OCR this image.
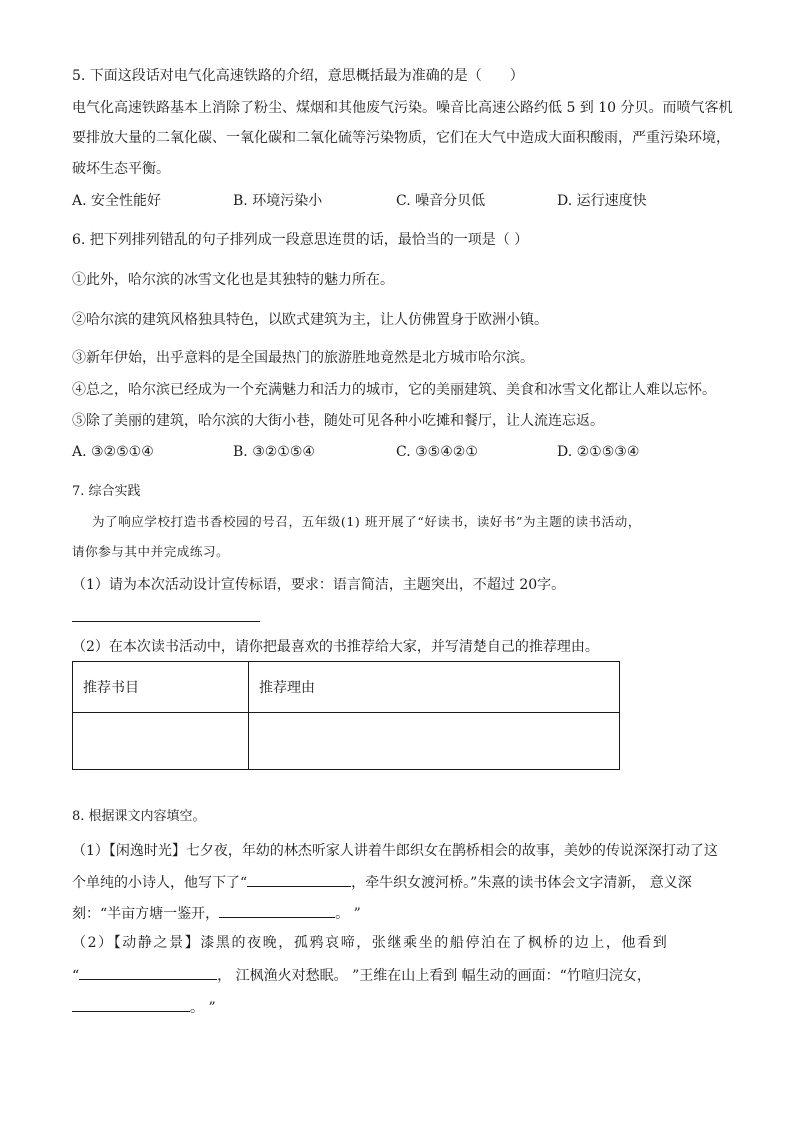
5. 下面这段话对电气化高速铁路的介绍，意思概括最为准确的是（　　）
电气化高速铁路基本上消除了粉尘、煤烟和其他废气污染。噪音比高速公路约低 5 到 10 分贝。而喷气客机
要排放大量的二氧化碳、一氧化碳和二氧化硫等污染物质，它们在大气中造成大面积酸雨，严重污染环境，
破坏生态平衡。
A. 安全性能好	B. 环境污染小	C. 噪音分贝低	D. 运行速度快
6. 把下列排列错乱的句子排列成一段意思连贯的话，最恰当的一项是（ ）
①此外，哈尔滨的冰雪文化也是其独特的魅力所在。
②哈尔滨的建筑风格独具特色，以欧式建筑为主，让人仿佛置身于欧洲小镇。
③新年伊始，出乎意料的是全国最热门的旅游胜地竟然是北方城市哈尔滨。
④总之，哈尔滨已经成为一个充满魅力和活力的城市，它的美丽建筑、美食和冰雪文化都让人难以忘怀。
⑤除了美丽的建筑，哈尔滨的大街小巷，随处可见各种小吃摊和餐厅，让人流连忘返。
A. ③②⑤①④	B. ③②①⑤④	C. ③⑤④②①	D. ②①⑤③④
7. 综合实践
为了响应学校打造书香校园的号召，五年级(1) 班开展了“好读书，读好书”为主题的读书活动，
请你参与其中并完成练习。
（1）请为本次活动设计宣传标语，要求：语言简洁，主题突出，不超过 20字。
（2）在本次读书活动中，请你把最喜欢的书推荐给大家，并写清楚自己的推荐理由。
推荐书目	推荐理由

8. 根据课文内容填空。
（1）【闲逸时光】七夕夜，年幼的林杰听家人讲着牛郎织女在鹊桥相会的故事，美妙的传说深深打动了这
个单纯的小诗人，他写下了“	，牵牛织女渡河桥。”朱熹的读书体会文字清新， 意义深
刻：“半亩方塘一鉴开，	。 ”
（2）【动静之景】漆黑的夜晚，孤鸦哀啼，张继乘坐的船停泊在了枫桥的边上，他看到
“	， 江枫渔火对愁眠。 ”王维在山上看到 幅生动的画面：“竹喧归浣女，
。 ”
